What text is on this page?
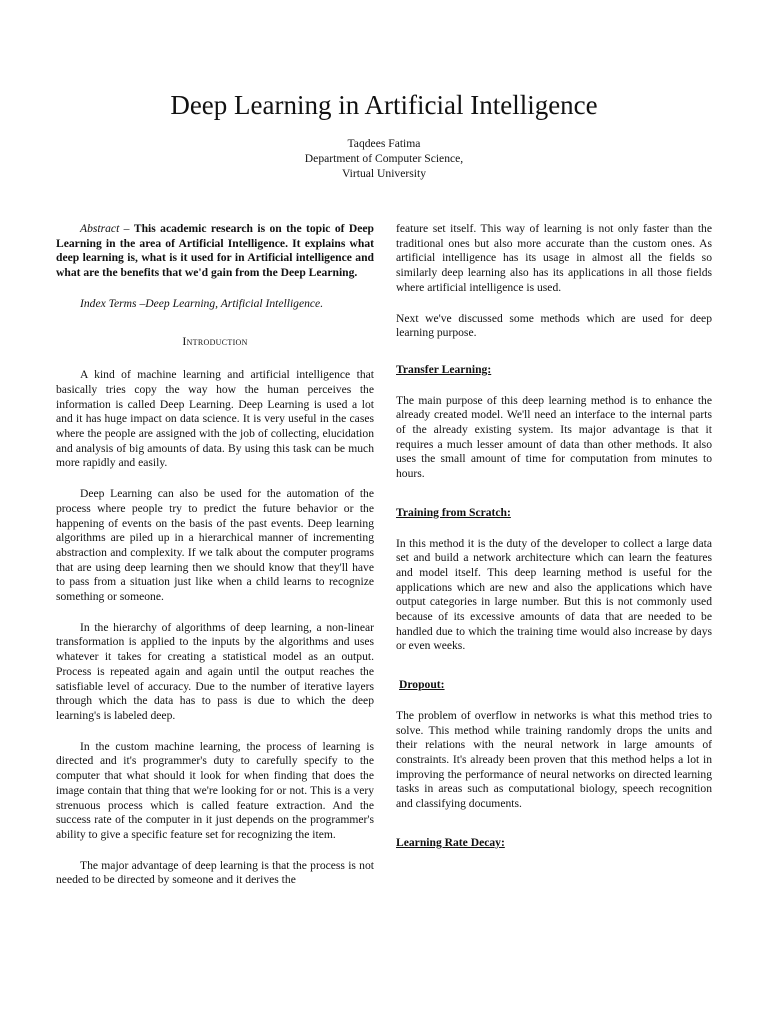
Deep Learning in Artificial Intelligence
Taqdees Fatima
Department of Computer Science,
Virtual University

Abstract – This academic research is on the topic of Deep Learning in the area of Artificial Intelligence. It explains what deep learning is, what is it used for in Artificial intelligence and what are the benefits that we'd gain from the Deep Learning.

Index Terms –Deep Learning, Artificial Intelligence.

Introduction

A kind of machine learning and artificial intelligence that basically tries copy the way how the human perceives the information is called Deep Learning. Deep Learning is used a lot and it has huge impact on data science. It is very useful in the cases where the people are assigned with the job of collecting, elucidation and analysis of big amounts of data. By using this task can be much more rapidly and easily.

Deep Learning can also be used for the automation of the process where people try to predict the future behavior or the happening of events on the basis of the past events. Deep learning algorithms are piled up in a hierarchical manner of incrementing abstraction and complexity. If we talk about the computer programs that are using deep learning then we should know that they'll have to pass from a situation just like when a child learns to recognize something or someone.

In the hierarchy of algorithms of deep learning, a non-linear transformation is applied to the inputs by the algorithms and uses whatever it takes for creating a statistical model as an output. Process is repeated again and again until the output reaches the satisfiable level of accuracy. Due to the number of iterative layers through which the data has to pass is due to which the deep learning's is labeled deep.

In the custom machine learning, the process of learning is directed and it's programmer's duty to carefully specify to the computer that what should it look for when finding that does the image contain that thing that we're looking for or not. This is a very strenuous process which is called feature extraction. And the success rate of the computer in it just depends on the programmer's ability to give a specific feature set for recognizing the item.

The major advantage of deep learning is that the process is not needed to be directed by someone and it derives the

feature set itself. This way of learning is not only faster than the traditional ones but also more accurate than the custom ones. As artificial intelligence has its usage in almost all the fields so similarly deep learning also has its applications in all those fields where artificial intelligence is used.

Next we've discussed some methods which are used for deep learning purpose.

Transfer Learning:

The main purpose of this deep learning method is to enhance the already created model. We'll need an interface to the internal parts of the already existing system. Its major advantage is that it requires a much lesser amount of data than other methods. It also uses the small amount of time for computation from minutes to hours.

Training from Scratch:

In this method it is the duty of the developer to collect a large data set and build a network architecture which can learn the features and model itself. This deep learning method is useful for the applications which are new and also the applications which have output categories in large number. But this is not commonly used because of its excessive amounts of data that are needed to be handled due to which the training time would also increase by days or even weeks.

Dropout:

The problem of overflow in networks is what this method tries to solve. This method while training randomly drops the units and their relations with the neural network in large amounts of constraints. It's already been proven that this method helps a lot in improving the performance of neural networks on directed learning tasks in areas such as computational biology, speech recognition and classifying documents.

Learning Rate Decay:
